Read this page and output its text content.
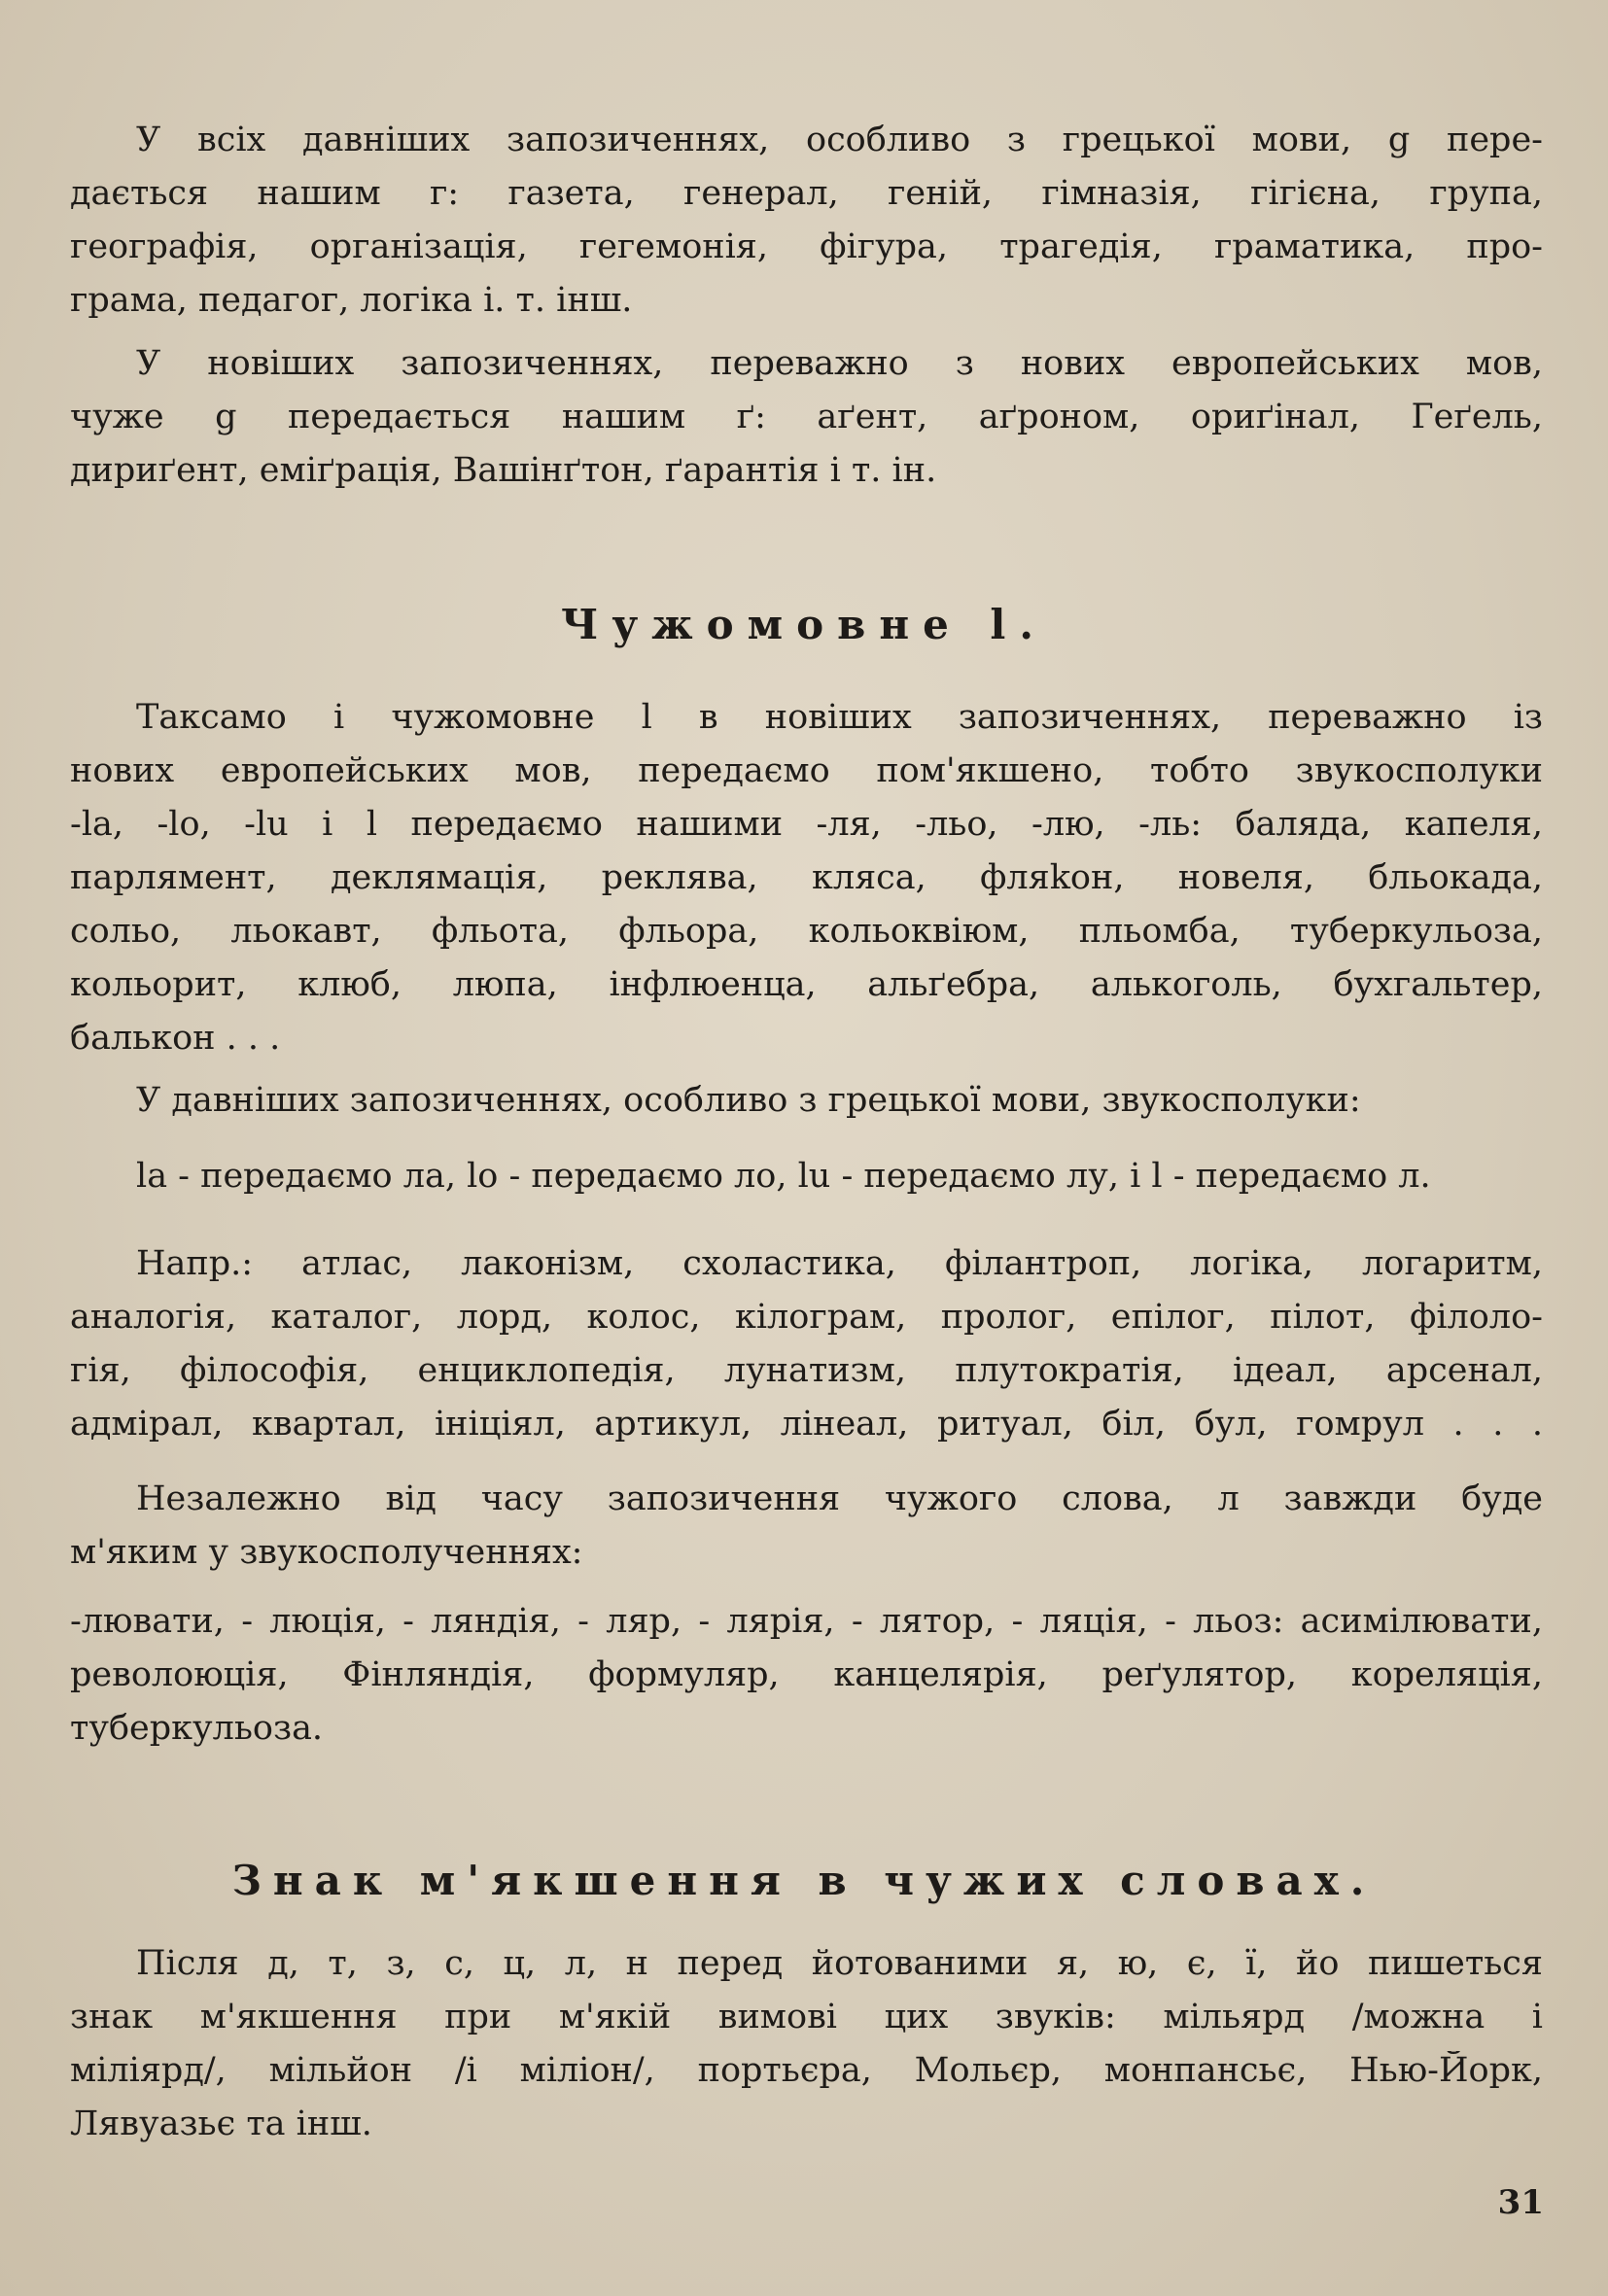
У всіх давніших запозиченнях, особливо з грецької мови, g пере-
дається нашим г: газета, генерал, геній, гімназія, гігієна, група,
географія, організація, гегемонія, фігура, трагедія, граматика, про-
грама, педагог, логіка і. т. інш.
У новіших запозиченнях, переважно з нових европейських мов,
чуже g передається нашим ґ: аґент, аґроном, ориґінал, Геґель,
дириґент, еміґрація, Вашінґтон, ґарантія і т. ін.
Чужомовне l.
Таксамо і чужомовне l в новіших запозиченнях, переважно із
нових европейських мов, передаємо пом'якшено, тобто звукосполуки
-la, -lo, -lu і l передаємо нашими -ля, -льо, -лю, -ль: баляда, капеля,
парлямент, деклямація, реклява, кляса, фляkон, новеля, бльокада,
сольо, льокавт, фльота, фльора, кольоквіюм, пльомба, туберкульоза,
кольорит, клюб, люпа, інфлюенца, альґебра, алькоголь, бухгальтер,
балькон . . .
У давніших запозиченнях, особливо з грецької мови, звукосполуки:
la - передаємо ла, lo - передаємо ло, lu - передаємо лу, і l - передаємо л.
Напр.: атлас, лаконізм, схоластика, філантроп, логіка, логаритм,
аналогія, каталог, лорд, колос, кілограм, пролог, епілог, пілот, філоло-
гія, філософія, енциклопедія, лунатизм, плутократія, ідеал, арсенал,
адмірал, квартал, ініціял, артикул, лінеал, ритуал, біл, бул, гомрул . . .
Незалежно від часу запозичення чужого слова, л завжди буде
м'яким у звукосполученнях:
-лювати, - люція, - ляндія, - ляр, - лярія, - лятор, - ляція, - льоз: асимілювати,
револоюція, Фінляндія, формуляр, канцелярія, реґулятор, кореляція,
туберкульоза.
Знак м'якшення в чужих словах.
Після д, т, з, с, ц, л, н перед йотованими я, ю, є, ї, йо пишеться
знак м'якшення при м'якій вимові цих звуків: мільярд /можна і
міліярд/, мільйон /і міліон/, портьєра, Мольєр, монпансьє, Нью-Йорк,
Лявуазьє та інш.
31
